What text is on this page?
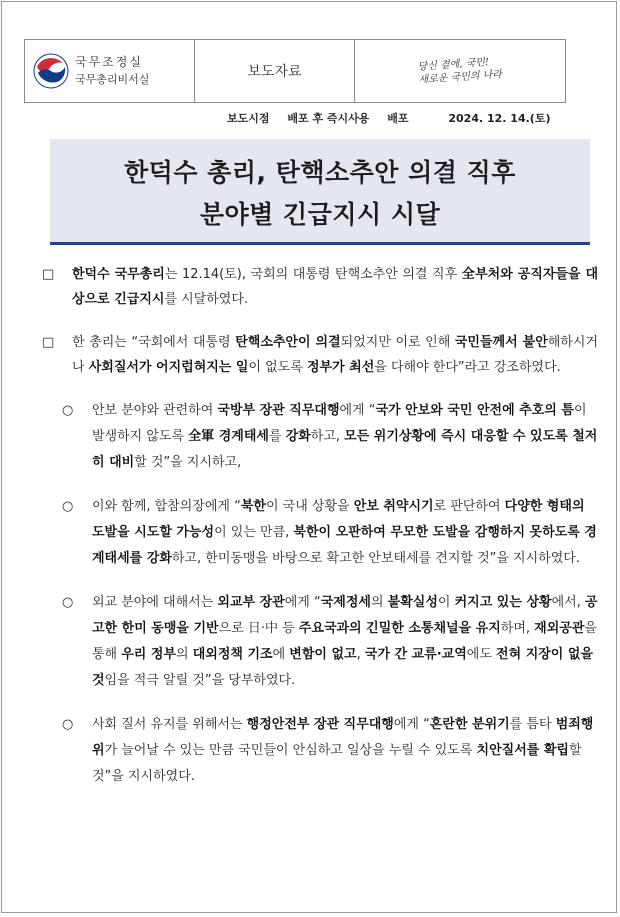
국무조정실
국무총리비서실	보도자료	당신 곁에, 국민!
새로운 국민의 나라
보도시점 배포 후 즉시사용 배포	2024. 12. 14.(토)
한덕수 총리, 탄핵소추안 의결 직후
분야별 긴급지시 시달
□ 한덕수 국무총리는 12.14(토), 국회의 대통령 탄핵소추안 의결 직후 全부처와 공직자들을 대상으로 긴급지시를 시달하였다.
□ 한 총리는 “국회에서 대통령 탄핵소추안이 의결되었지만 이로 인해 국민들께서 불안해하시거나 사회질서가 어지럽혀지는 일이 없도록 정부가 최선을 다해야 한다”라고 강조하였다.
○ 안보 분야와 관련하여 국방부 장관 직무대행에게 “국가 안보와 국민 안전에 추호의 틈이 발생하지 않도록 全軍 경계태세를 강화하고, 모든 위기상황에 즉시 대응할 수 있도록 철저히 대비할 것”을 지시하고,
○ 이와 함께, 합참의장에게 “북한이 국내 상황을 안보 취약시기로 판단하여 다양한 형태의 도발을 시도할 가능성이 있는 만큼, 북한이 오판하여 무모한 도발을 감행하지 못하도록 경계태세를 강화하고, 한미동맹을 바탕으로 확고한 안보태세를 견지할 것”을 지시하였다.
○ 외교 분야에 대해서는 외교부 장관에게 “국제정세의 불확실성이 커지고 있는 상황에서, 공고한 한미 동맹을 기반으로 日·中 등 주요국과의 긴밀한 소통채널을 유지하며, 재외공관을 통해 우리 정부의 대외정책 기조에 변함이 없고, 국가 간 교류·교역에도 전혀 지장이 없을 것임을 적극 알릴 것”을 당부하였다.
○ 사회 질서 유지를 위해서는 행정안전부 장관 직무대행에게 “혼란한 분위기를 틈타 범죄행위가 늘어날 수 있는 만큼 국민들이 안심하고 일상을 누릴 수 있도록 치안질서를 확립할 것”을 지시하였다.
